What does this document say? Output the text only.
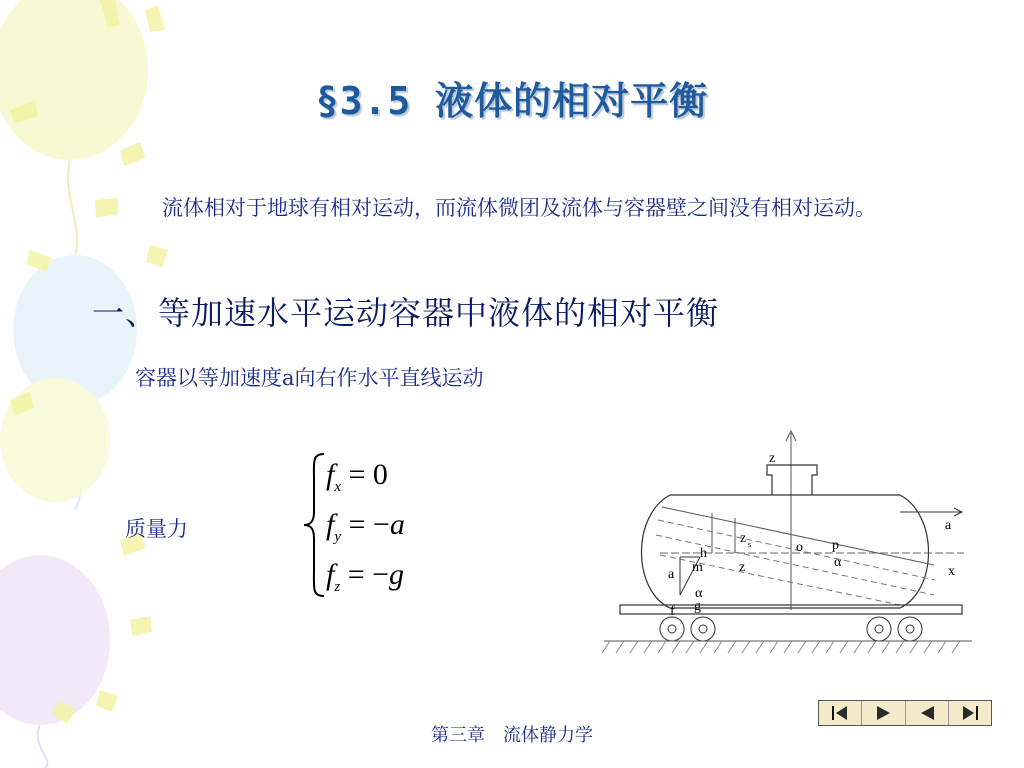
§3.5 液体的相对平衡
流体相对于地球有相对运动，而流体微团及流体与容器壁之间没有相对运动。
一、等加速水平运动容器中液体的相对平衡
容器以等加速度a向右作水平直线运动
质量力
$f_x = 0$
$f_y = -a$
$f_z = -g$
z
x
a
z s
h
m
a	z
o p
α
α
g
f
第三章　流体静力学
